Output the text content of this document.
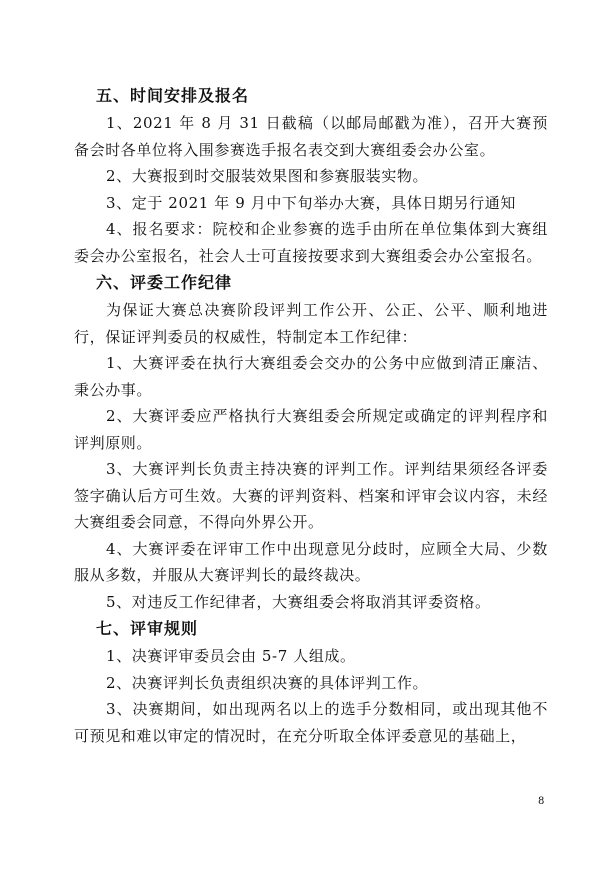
五、时间安排及报名

1、2021 年 8 月 31 日截稿（以邮局邮戳为准），召开大赛预备会时各单位将入围参赛选手报名表交到大赛组委会办公室。

2、大赛报到时交服装效果图和参赛服装实物。

3、定于 2021 年 9 月中下旬举办大赛，具体日期另行通知

4、报名要求：院校和企业参赛的选手由所在单位集体到大赛组委会办公室报名，社会人士可直接按要求到大赛组委会办公室报名。

六、评委工作纪律

为保证大赛总决赛阶段评判工作公开、公正、公平、顺利地进行，保证评判委员的权威性，特制定本工作纪律：

1、大赛评委在执行大赛组委会交办的公务中应做到清正廉洁、秉公办事。

2、大赛评委应严格执行大赛组委会所规定或确定的评判程序和评判原则。

3、大赛评判长负责主持决赛的评判工作。评判结果须经各评委签字确认后方可生效。大赛的评判资料、档案和评审会议内容，未经大赛组委会同意，不得向外界公开。

4、大赛评委在评审工作中出现意见分歧时，应顾全大局、少数服从多数，并服从大赛评判长的最终裁决。

5、对违反工作纪律者，大赛组委会将取消其评委资格。

七、评审规则

1、决赛评审委员会由 5-7 人组成。

2、决赛评判长负责组织决赛的具体评判工作。

3、决赛期间，如出现两名以上的选手分数相同，或出现其他不可预见和难以审定的情况时，在充分听取全体评委意见的基础上，

8
